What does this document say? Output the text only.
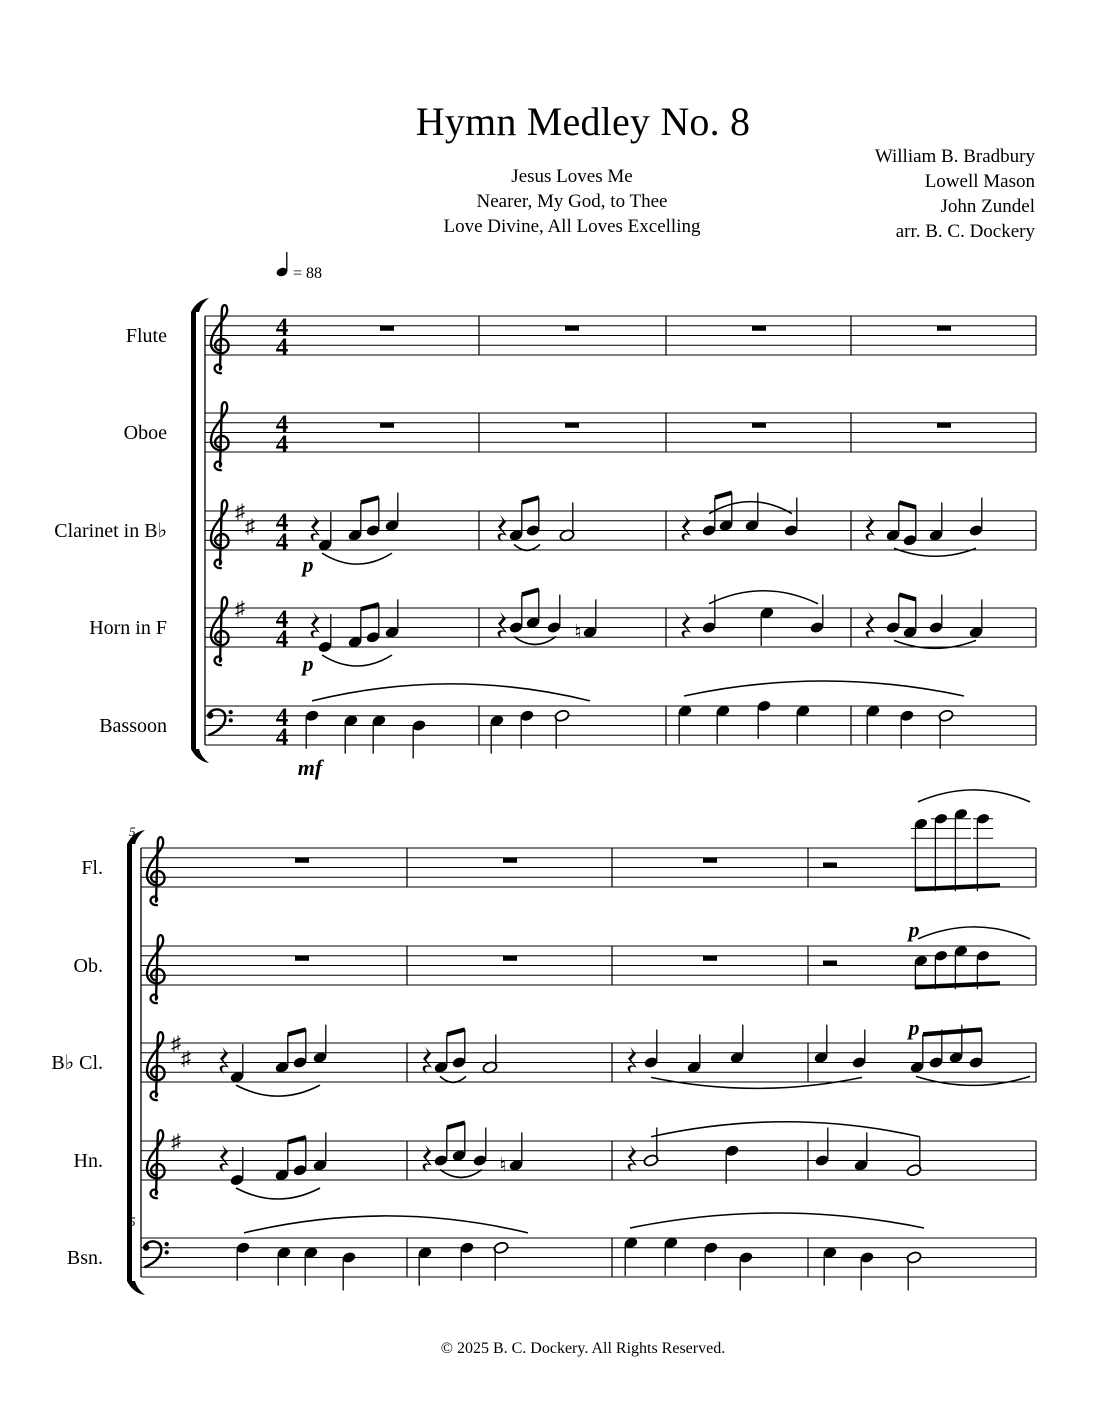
Hymn Medley No. 8
Jesus Loves Me
Nearer, My God, to Thee
Love Divine, All Loves Excelling
William B. Bradbury
Lowell Mason
John Zundel
arr. B. C. Dockery
Flute	4
4
Oboe	4
4
Clarinet in B♭
♯
♯ 4
4
Horn in F
♯ 4
4
Bassoon	4
4
Fl.
Ob.
B♭ Cl.
♯
♯
Hn.
♯
Bsn.
5
5
p
♮
p
mf
p
p
♮
= 88
© 2025 B. C. Dockery. All Rights Reserved.
